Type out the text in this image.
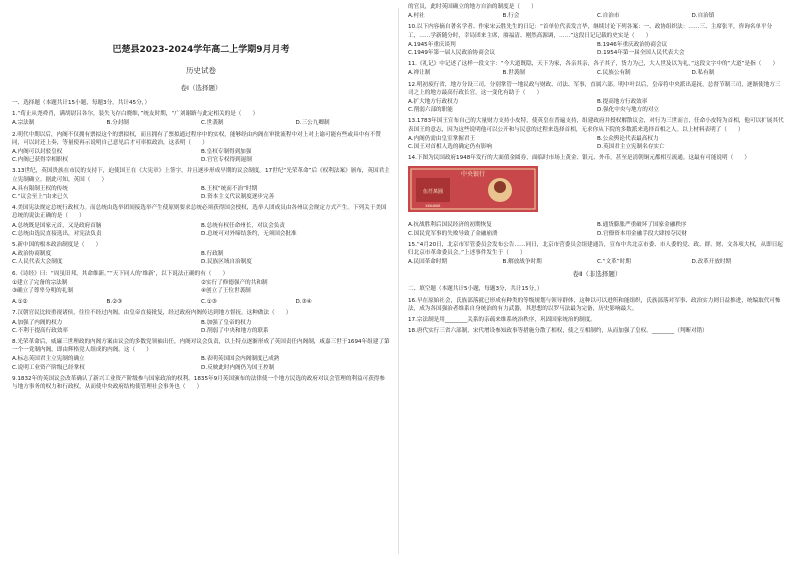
巴楚县2023-2024学年高二上学期9月月考
历史试卷
卷Ⅰ（选择题）
一、选择题（本题共计15小题，每题3分，共计45分，）
1.“荀止从尧舜肖，满胡尉吕各尔，装失飞存白晓维，”统友时期，“广刘谢路与此定相关的是（　　）
A.宗法制	B.分封制	C.世袭制	D.三公九卿制
2.明代中期以后，内阁不仅拥有票拟这个的票拟权，而且拥有了票拟通过程序中的实权，能够经由内阁在审批流程中对上对上谕可能有些或具中有不赞同，可以封还上奏，等量使再示说明自己意见后才可率拟政治，这表明（　　）
A.内阁可以封驳皇权	B.皇权专制得到加强
C.内阁已获得宰相职权	D.官官专权得到遏制
3.13世纪，英国贵族在市民的支持下，迫使国王在《大宪章》上签字，并且逐步形成早期的议会制度。17世纪“光荣革命”后《权利法案》颁布，英国君主立宪制确立。据此可知，英国（　　）
A.具有限制王权的传统	B.王权“统而不治”时期
C.“议会至上”由来已久	D.资本主义代议制度逐步完善
4.美国宪法规定总统行政权力。而总统由选举团间接选举产生使原则要求总统必须获得国会授权，选举人团成员由各州议会规定方式产生。下列关于美国总统的说法正确的是（　　）
A.总统既是国家元首，又是政府首脑	B.总统有权任命州长，对议会负责
C.总统由选民直接选出，对宪法负责	D.总统可对外缔结条约，无须国会批准
5.新中国的根本政治制度是（　　）
A.政治协商制度	B.行政制
C.人民代表大会制度	D.民族区域自治制度
6.《诗经》曰：“周虽旧邦，其命维新。”“天下同人的‘维新’，以下说法正确的有（　　）
①建立了完备的宗法制	②实行了修德强产的共和制
③确立了尊卑分明的礼制	④创立了王位世袭制
A.①②	B.②③	C.①③	D.③④
7.汉朝官民比较重视诸侯，往往不经过内阁，由皇帝直接批复，经过政府内阁传达到地方督抚。这种做法（　　）
A.加强了内阁的权力	B.加强了皇帝的权力
C.不利于提高行政效率	D.削弱了中央和地方的联系
8.光荣革命后，威廉三世理政的内阁方案由议会的多数党领袖出任，内阁对议会负责，以上特点逐渐形成了英国责任内阁制，咸嘉三世于1694年组建了第一个一党制内阁，即由辉格党人组成的内阁。这（　　）
A.标志英国君主立宪制的确立	B.表明英国国会内阁制度已成熟
C.说明工业资产阶级已经掌权	D.反映此时内阁仍为国王控制
9.1832年的英国议会改革确认了新兴工业资产阶级参与国家政治的权利。1835年9月英国颁布的法律使一个地方民选的政府对议会管理的利益可获得参与地方事务的权力和行政权，从而使中央政府结构使管理社会事务也（　　）
的官员，此时英国确立的地方自治的制度是（　　）
A.村社	B.行会	C.自治市	D.自治镇
10.以下内容摘自著名学者、作家宋云胜先生的日记：“首单位代表发言毕，继续讨论下列各案：一、政协组织法：……三、主席张平，咨询名单平分工，……学新随分时，幸局团来主席，赓福清、刚然高源调，……”这段日记记载的史实是（　　）
A.1945年重庆谈判	B.1946年重庆政治协商会议
C.1949年第一届人民政治协商会议	D.1954年第一届全国人民代表大会
11.《礼记》中记述了这样一段文字：“今大道既隐，天下为家，各亲其亲，各子其子，货力为己，大人世及以为礼，”这段文字中的“大道”是指（　　）
A.禅让制	B.世袭制	C.民族公有制	D.私有制
12.明初废行省，地方分设三司，分别掌管一地民政与财政、司法、军事，直属六部。明中叶以后，皇帝将中央派出巡抚，总督节制三司，逐渐使地方三司之上的地方最高行政长官。这一变化有助于（　　）
A.扩大地方行政权力	B.提高地方行政效率
C.削弱六部的职能	D.强化中央与地方的对立
13.1783年国王宣布自己的大量财力支持小皮特，使英皇在普遍支持，组建政府并授权解散议会，对行为三世而言，任命小皮特为首相，他可以扩展其代表国王的意志，因为这些说明他可以公开和与民意的过程来选择首相，无求你从下院的多数派来选择首相之人。以上材料表明了（　　）
A.内阁仍需由皇室掌握君王	B.公众舆论代表最高权力
C.国王对首相人选的确定仍有影响	D.英国君主立宪制名存实亡
14.下图为民国政府1948年发行的大面值金圆券，面临时市场上黄金、银元、外币，甚至是清朝铜元都相互流通。这最有可能说明（　　）
中央银行
伍仟萬圓
K604688
A.抗战胜利后国民经济的初期恢复	B.通货膨胀严重破坏了国家金融秩序
C.国民党军事的失败导致了金融崩溃	D.官僚资本用金融手段大肆掠夺民财
15.“4月20日，北京市军管委员会发布公告……同日，北京市营委员会组建通告，宣布中共北京市委、市人委的党、政、群、财、文各项大权，从即日起归北京市革命委员会。”上述事件发生于（　　）
A.民国革命时期	B.解放战争时期	C.“文革”时期	D.改革开放时期
卷Ⅱ（非选择题）
二、填空题（本题共计5小题，每题3分，共计15分，）
16.早在原始社会，氏族部落就已形成有种类的等级规划与领导群体，这种以可以进所和能组织，氏族部落对军事、政治实力则日益推进，统编取代可怖法，成为各国强治者维系自身统治的有力武器，其思想的以罗马法最为完备，历史影响最大。
17.宗法制是用________关系的亲疏来维系统治秩序，巩固国家统治的制度。
18.唐代实行三省六部制，宋代增设参知政事等措施分散了相权，使之互相制约，从而加强了皇权。________（判断对错）
